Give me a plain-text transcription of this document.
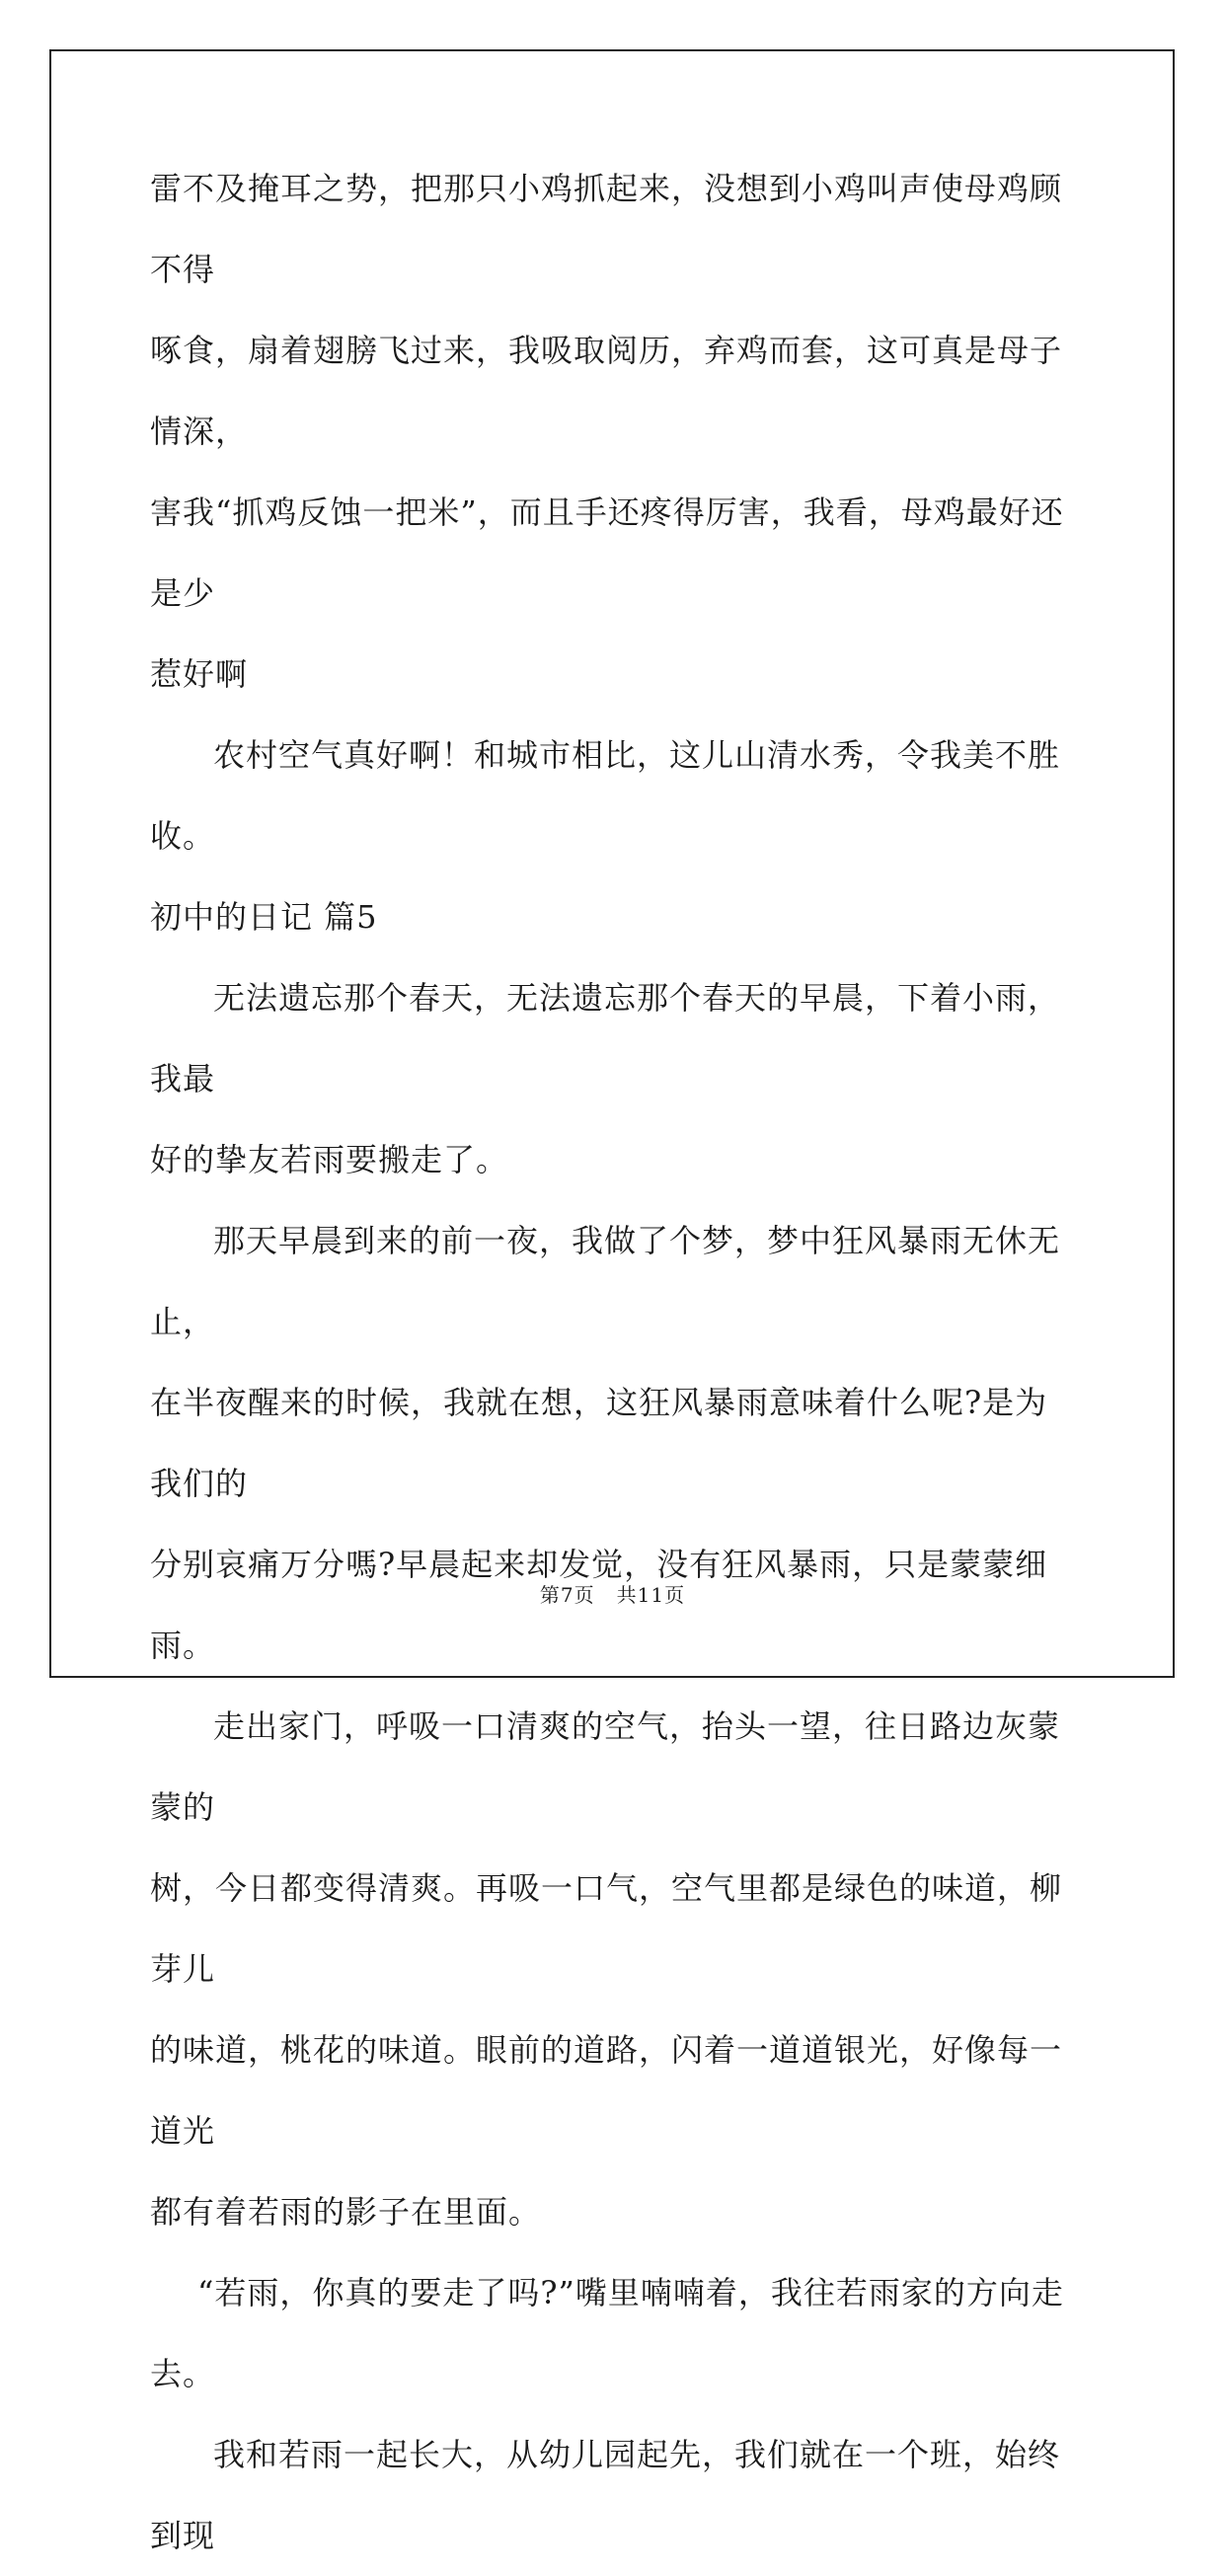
雷不及掩耳之势，把那只小鸡抓起来，没想到小鸡叫声使母鸡顾不得
啄食，扇着翅膀飞过来，我吸取阅历，弃鸡而套，这可真是母子情深，
害我“抓鸡反蚀一把米”，而且手还疼得厉害，我看，母鸡最好还是少
惹好啊

农村空气真好啊！和城市相比，这儿山清水秀，令我美不胜收。

初中的日记 篇5

无法遗忘那个春天，无法遗忘那个春天的早晨，下着小雨，我最
好的挚友若雨要搬走了。

那天早晨到来的前一夜，我做了个梦，梦中狂风暴雨无休无止，
在半夜醒来的时候，我就在想，这狂风暴雨意味着什么呢?是为我们的
分别哀痛万分嗎?早晨起来却发觉，没有狂风暴雨，只是蒙蒙细雨。

走出家门，呼吸一口清爽的空气，抬头一望，往日路边灰蒙蒙的
树，今日都变得清爽。再吸一口气，空气里都是绿色的味道，柳芽儿
的味道，桃花的味道。眼前的道路，闪着一道道银光，好像每一道光
都有着若雨的影子在里面。

“若雨，你真的要走了吗?”嘴里喃喃着，我往若雨家的方向走去。

我和若雨一起长大，从幼儿园起先，我们就在一个班，始终到现

第7页 共11页
